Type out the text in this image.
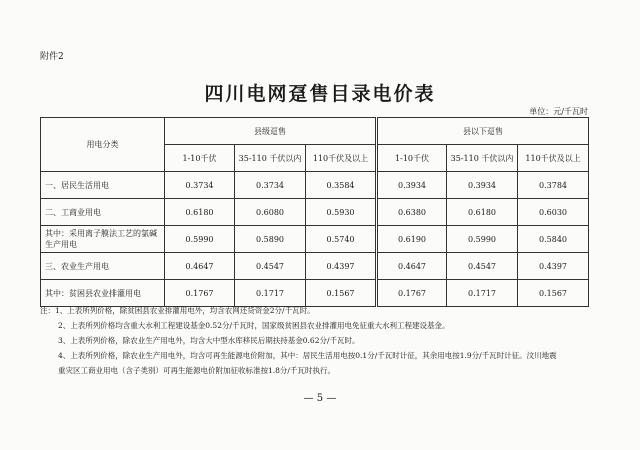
附件2
四川电网趸售目录电价表
单位：元/千瓦时
用电分类	县级趸售			县以下趸售		
	1-10千伏	35-110 千伏以内	110千伏及以上	1-10千伏	35-110 千伏以内	110千伏及以上
一、居民生活用电	0.3734	0.3734	0.3584	0.3934	0.3934	0.3784
二、工商业用电	0.6180	0.6080	0.5930	0.6380	0.6180	0.6030
其中：采用离子膜法工艺的氯碱生产用电	0.5990	0.5890	0.5740	0.6190	0.5990	0.5840
三、农业生产用电	0.4647	0.4547	0.4397	0.4647	0.4547	0.4397
其中：贫困县农业排灌用电	0.1767	0.1717	0.1567	0.1767	0.1717	0.1567
注：1、上表所列价格，除贫困县农业排灌用电外，均含农网还贷资金2分/千瓦时。
2、上表所列价格均含重大水利工程建设基金0.52分/千瓦时，国家级贫困县农业排灌用电免征重大水利工程建设基金。
3、上表所列价格，除农业生产用电外，均含大中型水库移民后期扶持基金0.62分/千瓦时。
4、上表所列价格，除农业生产用电外，均含可再生能源电价附加，其中：居民生活用电按0.1分/千瓦时计征，其余用电按1.9分/千瓦时计征。汶川地震
重灾区工商业用电（含子类别）可再生能源电价附加征收标准按1.8分/千瓦时执行。
— 5 —
